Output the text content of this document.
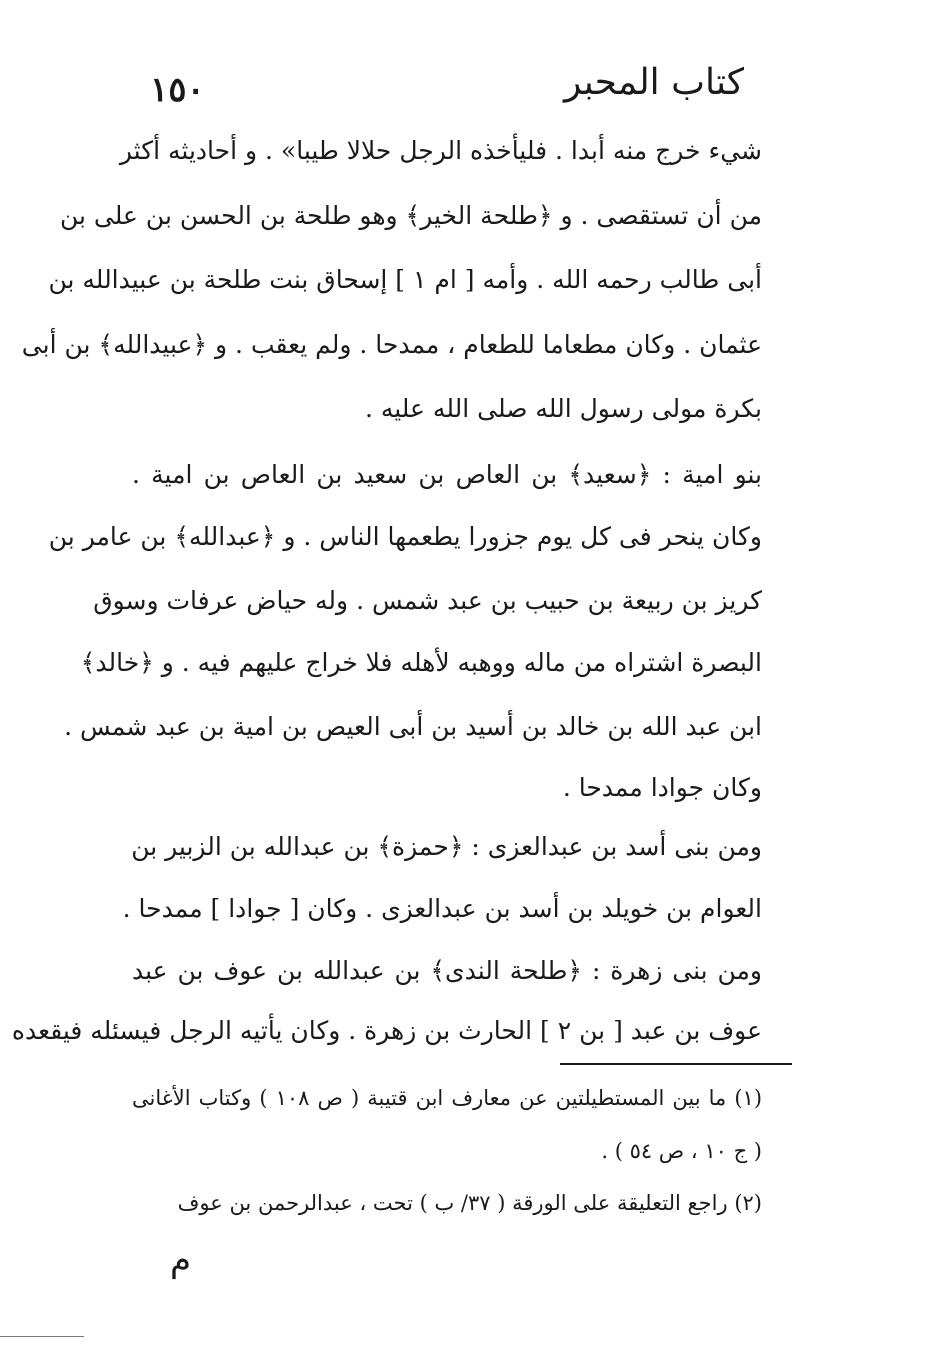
كتاب المحبر
١٥٠
شيء خرج منه أبدا . فليأخذه الرجل حلالا طيبا» . و أحاديثه أكثر
من أن تستقصى . و ﴿طلحة الخير﴾ وهو طلحة بن الحسن بن على بن
أبى طالب رحمه الله . وأمه [ ام ١ ] إسحاق بنت طلحة بن عبيدالله بن
عثمان . وكان مطعاما للطعام ، ممدحا . ولم يعقب . و ﴿عبيدالله﴾ بن أبى
بكرة مولى رسول الله صلى الله عليه .
بنو امية : ﴿سعيد﴾ بن العاص بن سعيد بن العاص بن امية .
وكان ينحر فى كل يوم جزورا يطعمها الناس . و ﴿عبدالله﴾ بن عامر بن
كريز بن ربيعة بن حبيب بن عبد شمس . وله حياض عرفات وسوق
البصرة اشتراه من ماله ووهبه لأهله فلا خراج عليهم فيه . و ﴿خالد﴾
ابن عبد الله بن خالد بن أسيد بن أبى العيص بن امية بن عبد شمس .
وكان جوادا ممدحا .
ومن بنى أسد بن عبدالعزى : ﴿حمزة﴾ بن عبدالله بن الزبير بن
العوام بن خويلد بن أسد بن عبدالعزى . وكان [ جوادا ] ممدحا .
ومن بنى زهرة : ﴿طلحة الندى﴾ بن عبدالله بن عوف بن عبد
عوف بن عبد [ بن ٢ ] الحارث بن زهرة . وكان يأتيه الرجل فيسئله فيقعده
(١) ما بين المستطيلتين عن معارف ابن قتيبة ( ص ١٠٨ ) وكتاب الأغانى
( ج ١٠ ، ص ٥٤ ) .
(٢) راجع التعليقة على الورقة ( ٣٧/ ب ) تحت ، عبدالرحمن بن عوف
م
